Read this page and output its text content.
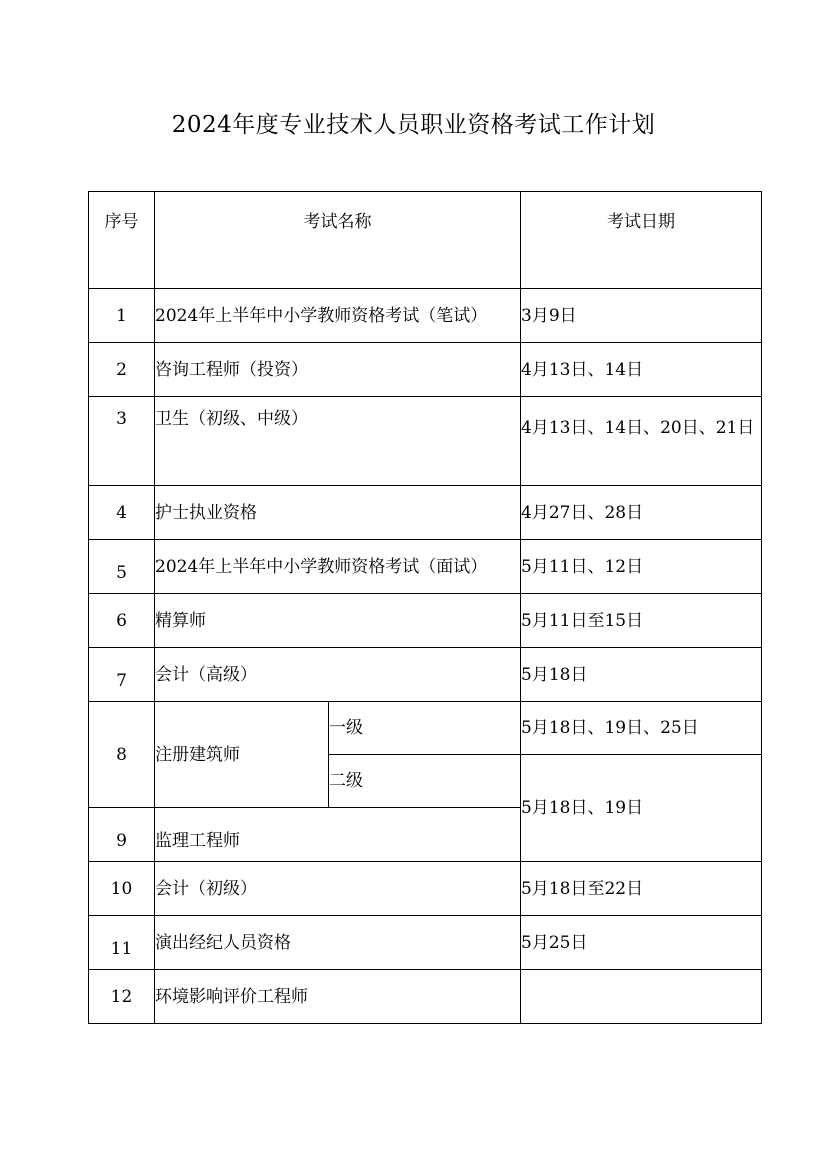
2024年度专业技术人员职业资格考试工作计划
序号	考试名称		考试日期
1	2024年上半年中小学教师资格考试（笔试）		3月9日
2	咨询工程师（投资）		4月13日、14日
3	卫生（初级、中级）		4月13日、14日、20日、21日
4	护士执业资格		4月27日、28日
5	2024年上半年中小学教师资格考试（面试）		5月11日、12日
6	精算师		5月11日至15日
7	会计（高级）		5月18日
8	注册建筑师	一级	5月18日、19日、25日
		二级	5月18日、19日
9	监理工程师		
10	会计（初级）		5月18日至22日
11	演出经纪人员资格		5月25日
12	环境影响评价工程师		
